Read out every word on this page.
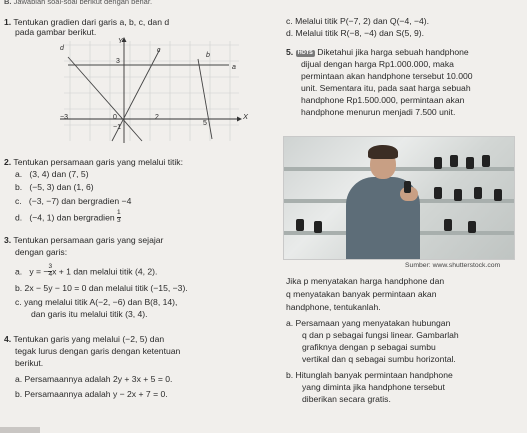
B. Jawablah soal-soal berikut dengan benar.
1. Tentukan gradien dari garis a, b, c, dan d
pada gambar berikut.
c. Melalui titik P(−7, 2) dan Q(−4, −4).
d. Melalui titik R(−8, −4) dan S(5, 9).
Y
X
d	c
b
a
3
−3	0	2
5
−1
5. HOTS Diketahui jika harga sebuah handphone
dijual dengan harga Rp1.000.000, maka
permintaan akan handphone tersebut 10.000
unit. Sementara itu, pada saat harga sebuah
handphone Rp1.500.000, permintaan akan
handphone menurun menjadi 7.500 unit.
Sumber: www.shutterstock.com
2. Tentukan persamaan garis yang melalui titik:
a. (3, 4) dan (7, 5)
b. (−5, 3) dan (1, 6)
c. (−3, −7) dan bergradien −4
d. (−4, 1) dan bergradien $\frac{1}{3}$
3. Tentukan persamaan garis yang sejajar
dengan garis:
a. y = − $\frac{3}{4}$ x + 1 dan melalui titik (4, 2).
b. 2x − 5y − 10 = 0 dan melalui titik (−15, −3).
c. yang melalui titik A(−2, −6) dan B(8, 14),
dan garis itu melalui titik (3, 4).
4. Tentukan garis yang melalui (−2, 5) dan
tegak lurus dengan garis dengan ketentuan
berikut.
a. Persamaannya adalah 2y + 3x + 5 = 0.
b. Persamaannya adalah y − 2x + 7 = 0.
Jika p menyatakan harga handphone dan
q menyatakan banyak permintaan akan
handphone, tentukanlah.
a. Persamaan yang menyatakan hubungan
q dan p sebagai fungsi linear. Gambarlah
grafiknya dengan p sebagai sumbu
vertikal dan q sebagai sumbu horizontal.
b. Hitunglah banyak permintaan handphone
yang diminta jika handphone tersebut
diberikan secara gratis.
